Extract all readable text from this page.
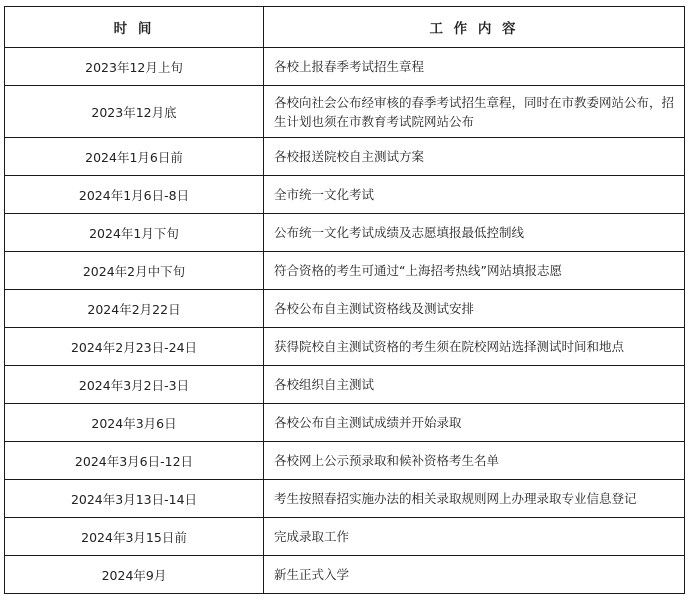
时 间	工 作 内 容
2023年12月上旬	各校上报春季考试招生章程
2023年12月底	各校向社会公布经审核的春季考试招生章程，同时在市教委网站公布，招生计划也须在市教育考试院网站公布
2024年1月6日前	各校报送院校自主测试方案
2024年1月6日-8日	全市统一文化考试
2024年1月下旬	公布统一文化考试成绩及志愿填报最低控制线
2024年2月中下旬	符合资格的考生可通过“上海招考热线”网站填报志愿
2024年2月22日	各校公布自主测试资格线及测试安排
2024年2月23日-24日	获得院校自主测试资格的考生须在院校网站选择测试时间和地点
2024年3月2日-3日	各校组织自主测试
2024年3月6日	各校公布自主测试成绩并开始录取
2024年3月6日-12日	各校网上公示预录取和候补资格考生名单
2024年3月13日-14日	考生按照春招实施办法的相关录取规则网上办理录取专业信息登记
2024年3月15日前	完成录取工作
2024年9月	新生正式入学
